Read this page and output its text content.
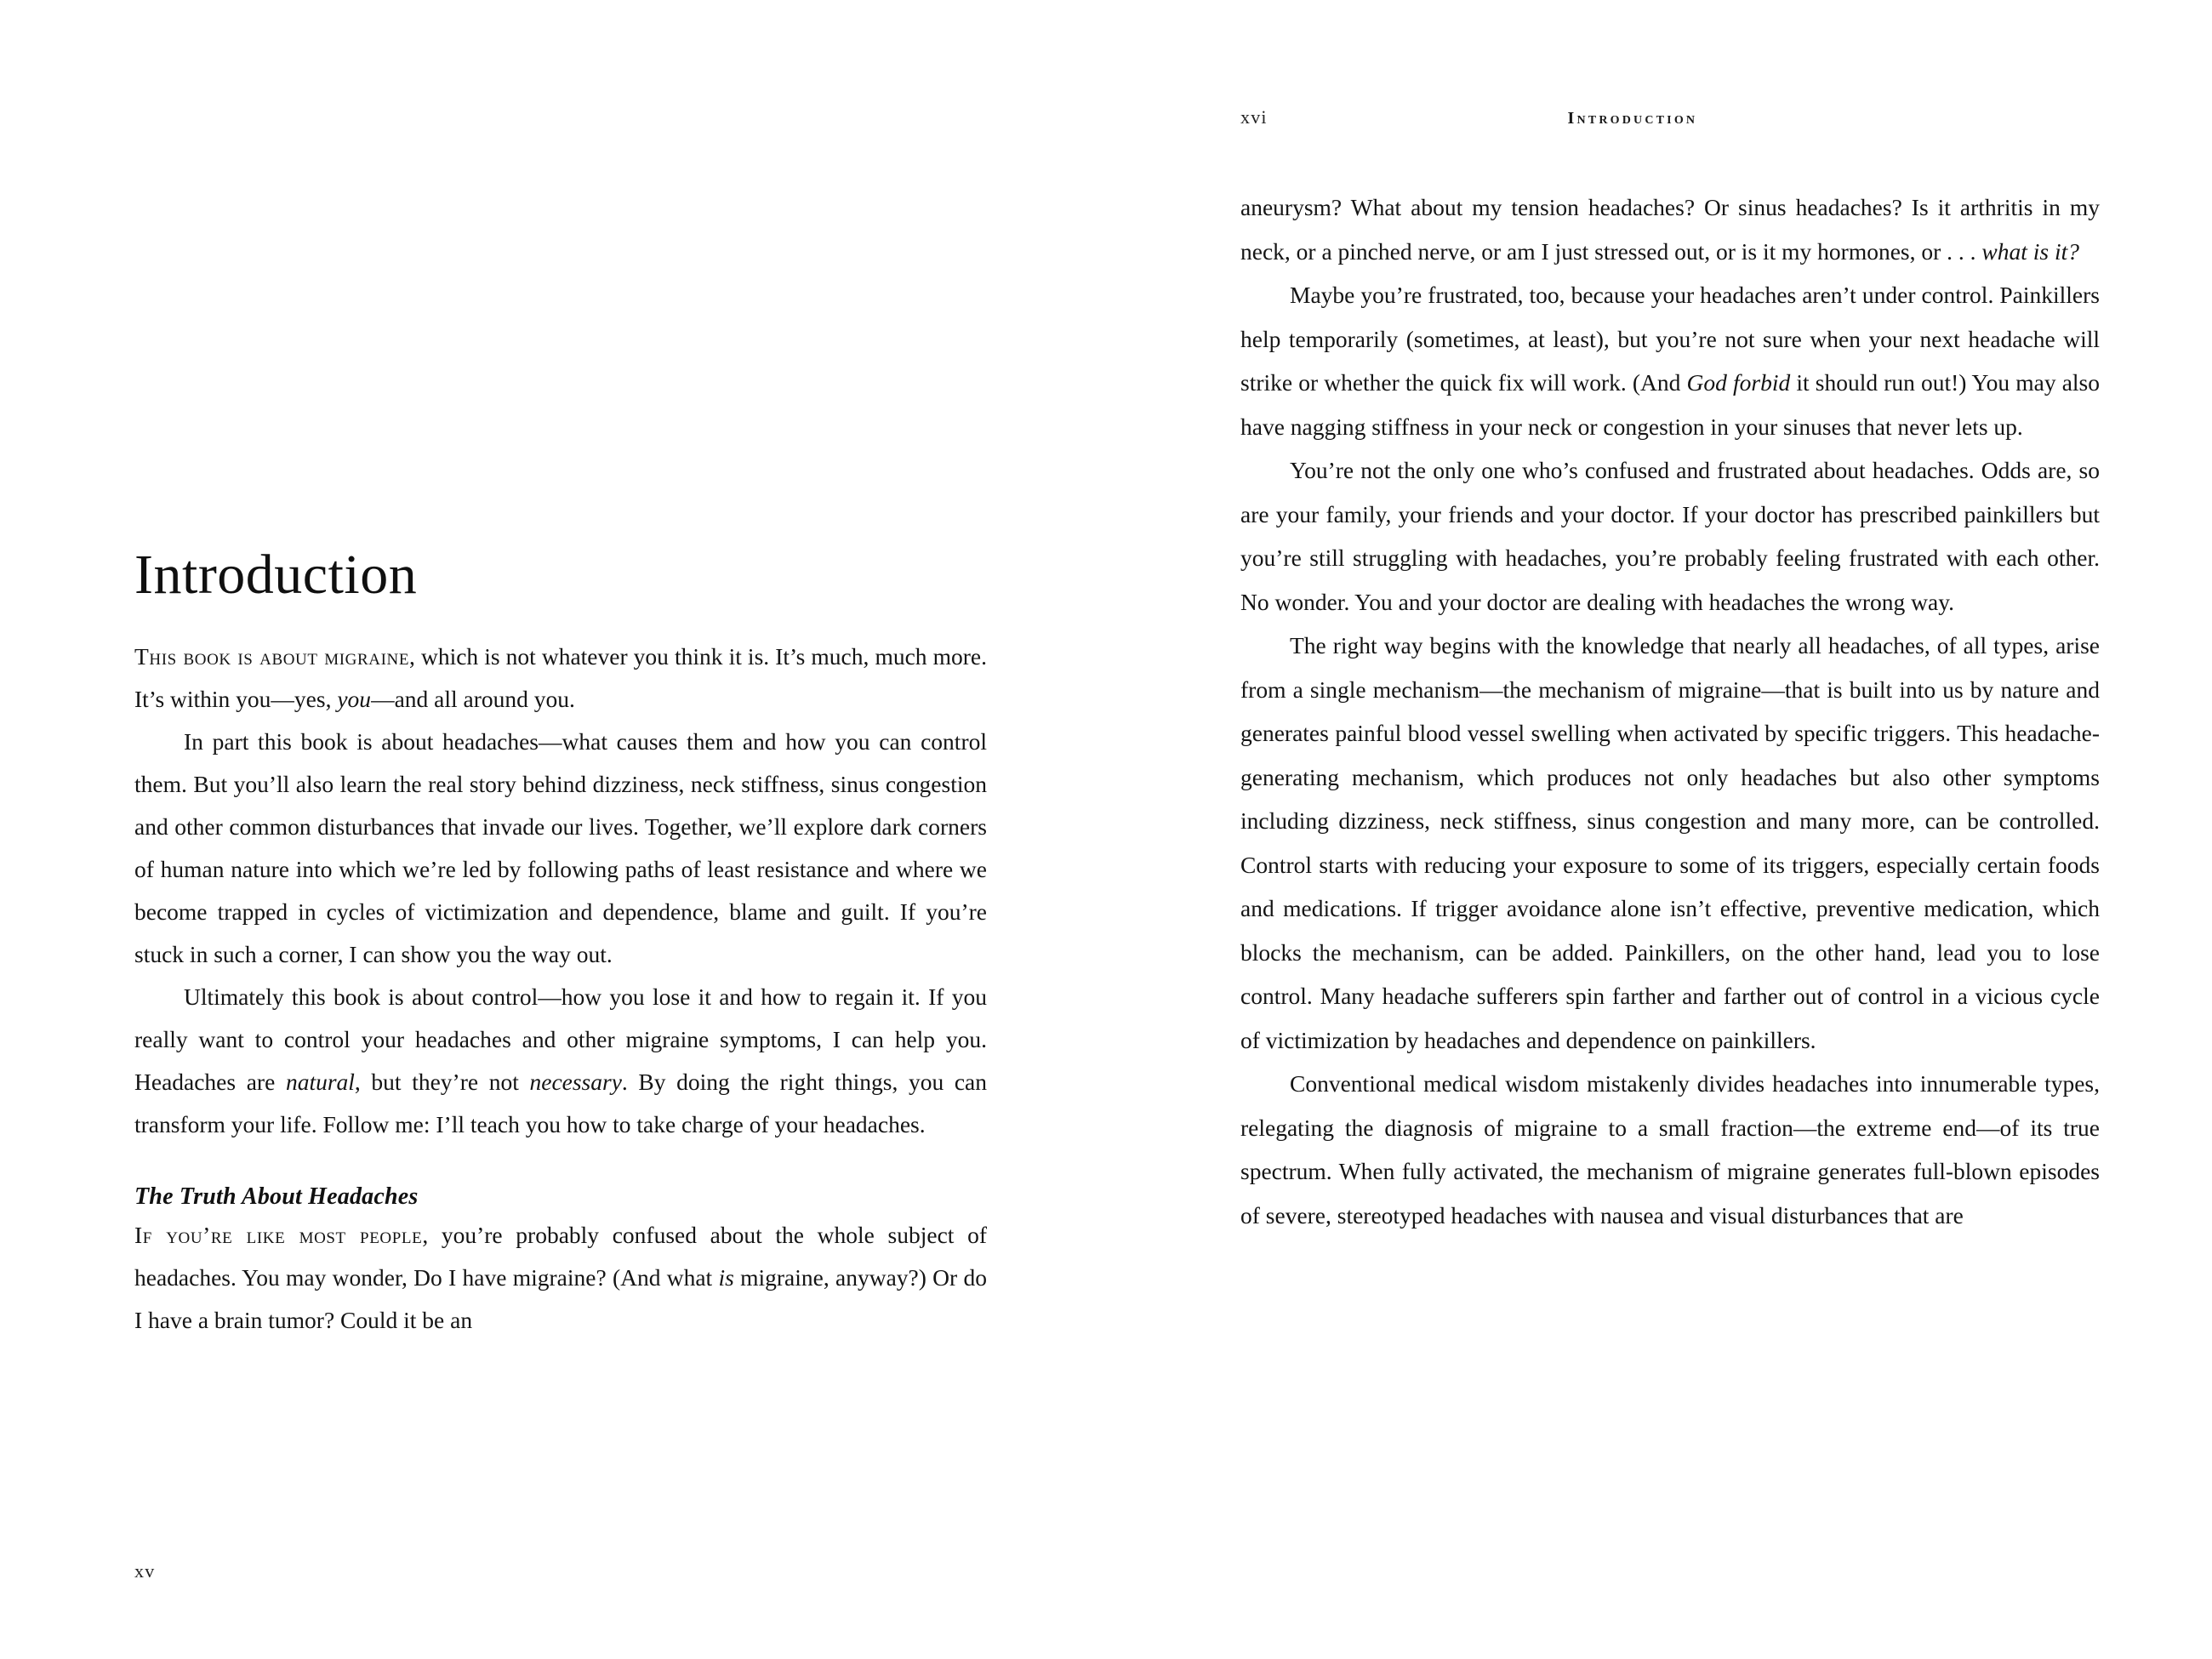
Introduction

This book is about migraine, which is not whatever you think it is. It’s much, much more. It’s within you—yes, you—and all around you.

In part this book is about headaches—what causes them and how you can control them. But you’ll also learn the real story behind dizziness, neck stiffness, sinus congestion and other common disturbances that invade our lives. Together, we’ll explore dark corners of human nature into which we’re led by following paths of least resistance and where we become trapped in cycles of victimization and dependence, blame and guilt. If you’re stuck in such a corner, I can show you the way out.

Ultimately this book is about control—how you lose it and how to regain it. If you really want to control your headaches and other migraine symptoms, I can help you. Headaches are natural, but they’re not necessary. By doing the right things, you can transform your life. Follow me: I’ll teach you how to take charge of your headaches.

The Truth About Headaches

If you’re like most people, you’re probably confused about the whole subject of headaches. You may wonder, Do I have migraine? (And what is migraine, anyway?) Or do I have a brain tumor? Could it be an

xv
xvi	Introduction

aneurysm? What about my tension headaches? Or sinus headaches? Is it arthritis in my neck, or a pinched nerve, or am I just stressed out, or is it my hormones, or . . . what is it?

Maybe you’re frustrated, too, because your headaches aren’t under control. Painkillers help temporarily (sometimes, at least), but you’re not sure when your next headache will strike or whether the quick fix will work. (And God forbid it should run out!) You may also have nagging stiffness in your neck or congestion in your sinuses that never lets up.

You’re not the only one who’s confused and frustrated about headaches. Odds are, so are your family, your friends and your doctor. If your doctor has prescribed painkillers but you’re still struggling with headaches, you’re probably feeling frustrated with each other. No wonder. You and your doctor are dealing with headaches the wrong way.

The right way begins with the knowledge that nearly all headaches, of all types, arise from a single mechanism—the mechanism of migraine—that is built into us by nature and generates painful blood vessel swelling when activated by specific triggers. This headache-generating mechanism, which produces not only headaches but also other symptoms including dizziness, neck stiffness, sinus congestion and many more, can be controlled. Control starts with reducing your exposure to some of its triggers, especially certain foods and medications. If trigger avoidance alone isn’t effective, preventive medication, which blocks the mechanism, can be added. Painkillers, on the other hand, lead you to lose control. Many headache sufferers spin farther and farther out of control in a vicious cycle of victimization by headaches and dependence on painkillers.

Conventional medical wisdom mistakenly divides headaches into innumerable types, relegating the diagnosis of migraine to a small fraction—the extreme end—of its true spectrum. When fully activated, the mechanism of migraine generates full-blown episodes of severe, stereotyped headaches with nausea and visual disturbances that are
